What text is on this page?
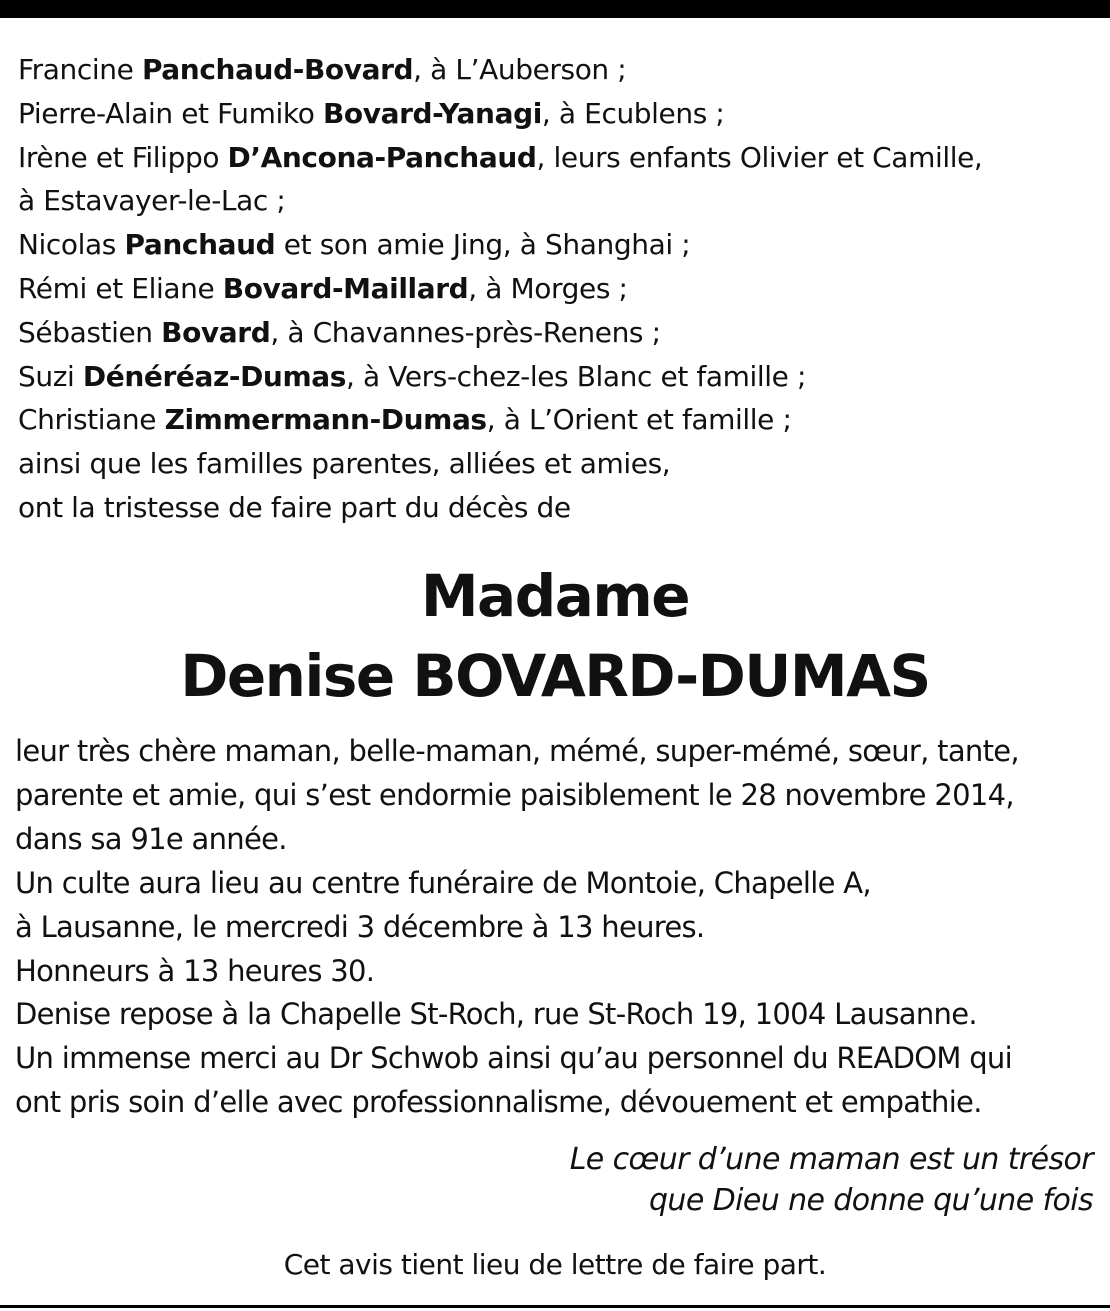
Francine Panchaud-Bovard, à L’Auberson ;
Pierre-Alain et Fumiko Bovard-Yanagi, à Ecublens ;
Irène et Filippo D’Ancona-Panchaud, leurs enfants Olivier et Camille,
à Estavayer-le-Lac ;
Nicolas Panchaud et son amie Jing, à Shanghai ;
Rémi et Eliane Bovard-Maillard, à Morges ;
Sébastien Bovard, à Chavannes-près-Renens ;
Suzi Dénéréaz-Dumas, à Vers-chez-les Blanc et famille ;
Christiane Zimmermann-Dumas, à L’Orient et famille ;
ainsi que les familles parentes, alliées et amies,
ont la tristesse de faire part du décès de
Madame
Denise BOVARD-DUMAS
leur très chère maman, belle-maman, mémé, super-mémé, sœur, tante,
parente et amie, qui s’est endormie paisiblement le 28 novembre 2014,
dans sa 91e année.
Un culte aura lieu au centre funéraire de Montoie, Chapelle A,
à Lausanne, le mercredi 3 décembre à 13 heures.
Honneurs à 13 heures 30.
Denise repose à la Chapelle St-Roch, rue St-Roch 19, 1004 Lausanne.
Un immense merci au Dr Schwob ainsi qu’au personnel du READOM qui
ont pris soin d’elle avec professionnalisme, dévouement et empathie.
Le cœur d’une maman est un trésor
que Dieu ne donne qu’une fois
Cet avis tient lieu de lettre de faire part.
